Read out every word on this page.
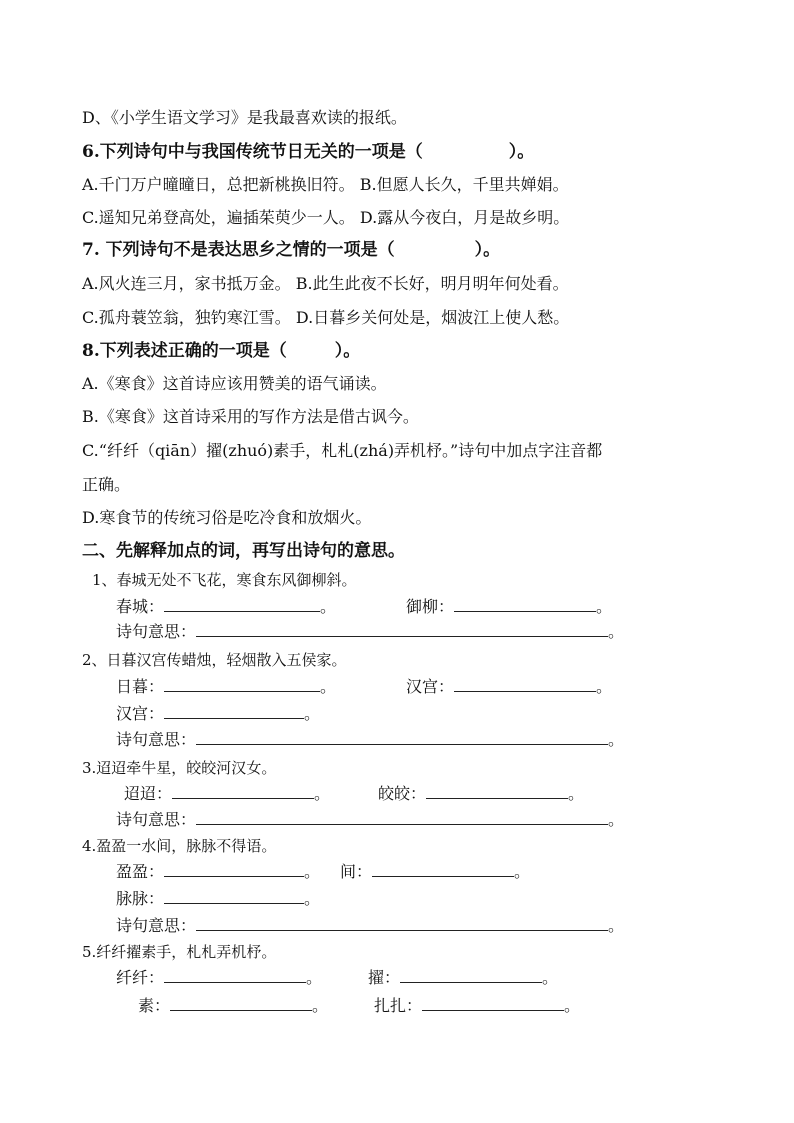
D、《小学生语文学习》是我最喜欢读的报纸。
6.下列诗句中与我国传统节日无关的一项是（	）。
A.千门万户曈曈日，总把新桃换旧符。 B.但愿人长久，千里共婵娟。
C.遥知兄弟登高处，遍插茱萸少一人。 D.露从今夜白，月是故乡明。
7. 下列诗句不是表达思乡之情的一项是（	）。
A.风火连三月，家书抵万金。 B.此生此夜不长好，明月明年何处看。
C.孤舟蓑笠翁，独钓寒江雪。 D.日暮乡关何处是，烟波江上使人愁。
8.下列表述正确的一项是（	）。
A.《寒食》这首诗应该用赞美的语气诵读。
B.《寒食》这首诗采用的写作方法是借古讽今。
C.“纤纤（qiān）擢(zhuó)素手，札札(zhá)弄机杼。”诗句中加点字注音都
正确。
D.寒食节的传统习俗是吃冷食和放烟火。
二、先解释加点的词，再写出诗句的意思。
1、春城无处不飞花，寒食东风御柳斜。
春城：	。	御柳：	。
诗句意思：	。
2、日暮汉宫传蜡烛，轻烟散入五侯家。
日暮：	。	汉宫：	。
汉宫：	。
诗句意思：	。
3.迢迢牵牛星，皎皎河汉女。
迢迢：	。	皎皎：	。
诗句意思：	。
4.盈盈一水间，脉脉不得语。
盈盈：	。 间：	。
脉脉：	。
诗句意思：	。
5.纤纤擢素手，札札弄机杼。
纤纤：	。	擢：	。
素：	。	扎扎：	。
